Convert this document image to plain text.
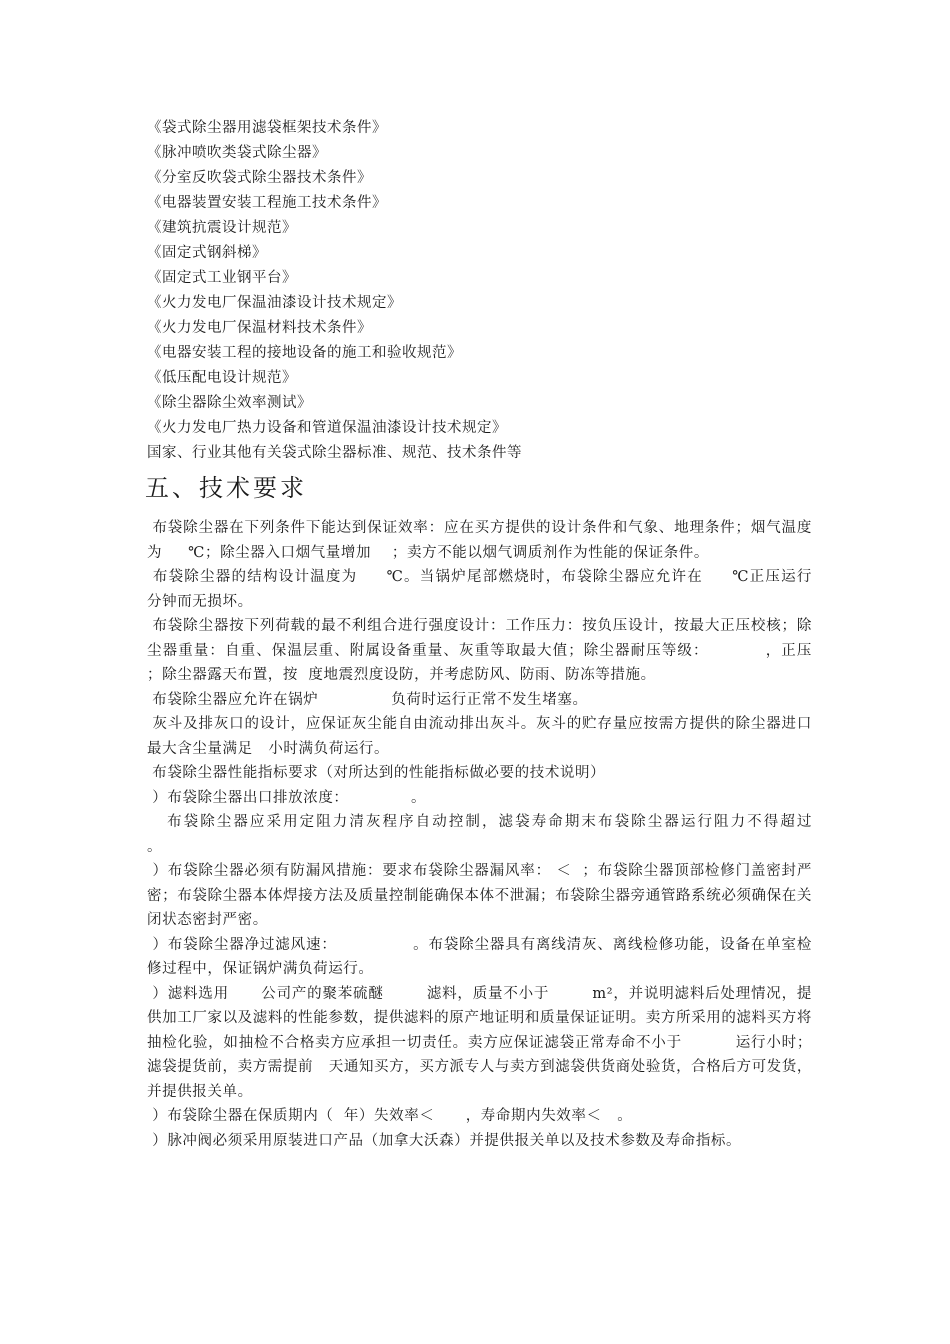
《袋式除尘器用滤袋框架技术条件》
《脉冲喷吹类袋式除尘器》
《分室反吹袋式除尘器技术条件》
《电器装置安装工程施工技术条件》
《建筑抗震设计规范》
《固定式钢斜梯》
《固定式工业钢平台》
《火力发电厂保温油漆设计技术规定》
《火力发电厂保温材料技术条件》
《电器安装工程的接地设备的施工和验收规范》
《低压配电设计规范》
《除尘器除尘效率测试》
《火力发电厂热力设备和管道保温油漆设计技术规定》
国家、行业其他有关袋式除尘器标准、规范、技术条件等
五、技术要求

布袋除尘器在下列条件下能达到保证效率：应在买方提供的设计条件和气象、地理条件；烟气温度为     ℃；除尘器入口烟气量增加    ；卖方不能以烟气调质剂作为性能的保证条件。

布袋除尘器的结构设计温度为     ℃。当锅炉尾部燃烧时，布袋除尘器应允许在     ℃正压运行     分钟而无损坏。

布袋除尘器按下列荷载的最不利组合进行强度设计：工作压力：按负压设计，按最大正压校核；除尘器重量：自重、保温层重、附属设备重量、灰重等取最大值；除尘器耐压等级：          ，正压          ；除尘器露天布置，按  度地震烈度设防，并考虑防风、防雨、防冻等措施。

布袋除尘器应允许在锅炉              负荷时运行正常不发生堵塞。

灰斗及排灰口的设计，应保证灰尘能自由流动排出灰斗。灰斗的贮存量应按需方提供的除尘器进口最大含尘量满足   小时满负荷运行。

布袋除尘器性能指标要求（对所达到的性能指标做必要的技术说明）

）布袋除尘器出口排放浓度：            。

布袋除尘器应采用定阻力清灰程序自动控制，滤袋寿命期末布袋除尘器运行阻力不得超过         。

）布袋除尘器必须有防漏风措施：要求布袋除尘器漏风率： ＜  ；布袋除尘器顶部检修门盖密封严密；布袋除尘器本体焊接方法及质量控制能确保本体不泄漏；布袋除尘器旁通管路系统必须确保在关闭状态密封严密。

）布袋除尘器净过滤风速：              。布袋除尘器具有离线清灰、离线检修功能，设备在单室检修过程中，保证锅炉满负荷运行。

）滤料选用      公司产的聚苯硫醚        滤料，质量不小于        m²，并说明滤料后处理情况，提供加工厂家以及滤料的性能参数，提供滤料的原产地证明和质量保证证明。卖方所采用的滤料买方将抽检化验，如抽检不合格卖方应承担一切责任。卖方应保证滤袋正常寿命不小于          运行小时；滤袋提货前，卖方需提前   天通知买方，买方派专人与卖方到滤袋供货商处验货，合格后方可发货，并提供报关单。

）布袋除尘器在保质期内（  年）失效率＜      ，寿命期内失效率＜   。

）脉冲阀必须采用原装进口产品（加拿大沃森）并提供报关单以及技术参数及寿命指标。
